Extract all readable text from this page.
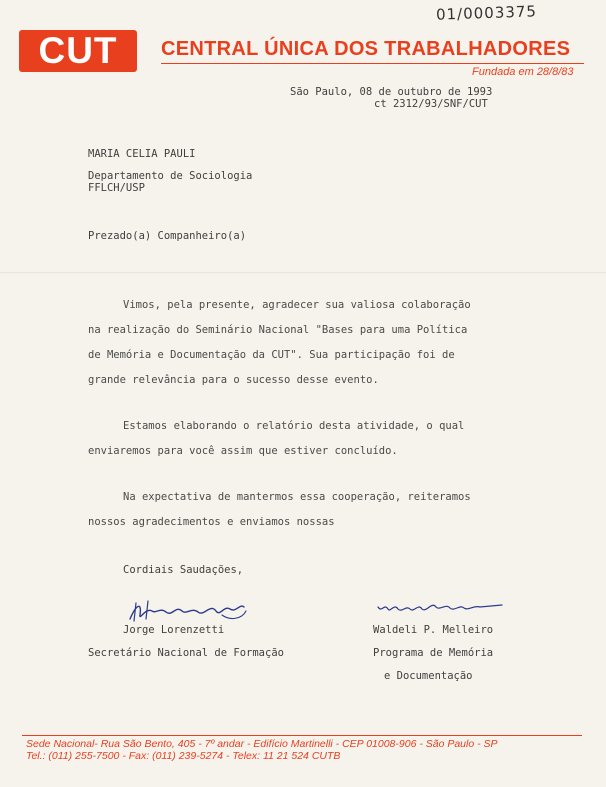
01/0003375
CUT	CENTRAL ÚNICA DOS TRABALHADORES
Fundada em 28/8/83
São Paulo, 08 de outubro de 1993
ct 2312/93/SNF/CUT
MARIA CELIA PAULI
Departamento de Sociologia
FFLCH/USP
Prezado(a) Companheiro(a)
Vimos, pela presente, agradecer sua valiosa colaboração
na realização do Seminário Nacional "Bases para uma Política
de Memória e Documentação da CUT". Sua participação foi de
grande relevância para o sucesso desse evento.
Estamos elaborando o relatório desta atividade, o qual
enviaremos para você assim que estiver concluído.
Na expectativa de mantermos essa cooperação, reiteramos
nossos agradecimentos e enviamos nossas
Cordiais Saudações,
Jorge Lorenzetti
Secretário Nacional de Formação
Waldeli P. Melleiro
Programa de Memória
e Documentação
Sede Nacional- Rua São Bento, 405 - 7º andar - Edifício Martinelli - CEP 01008-906 - São Paulo - SP
Tel.: (011) 255-7500 - Fax: (011) 239-5274 - Telex: 11 21 524 CUTB
